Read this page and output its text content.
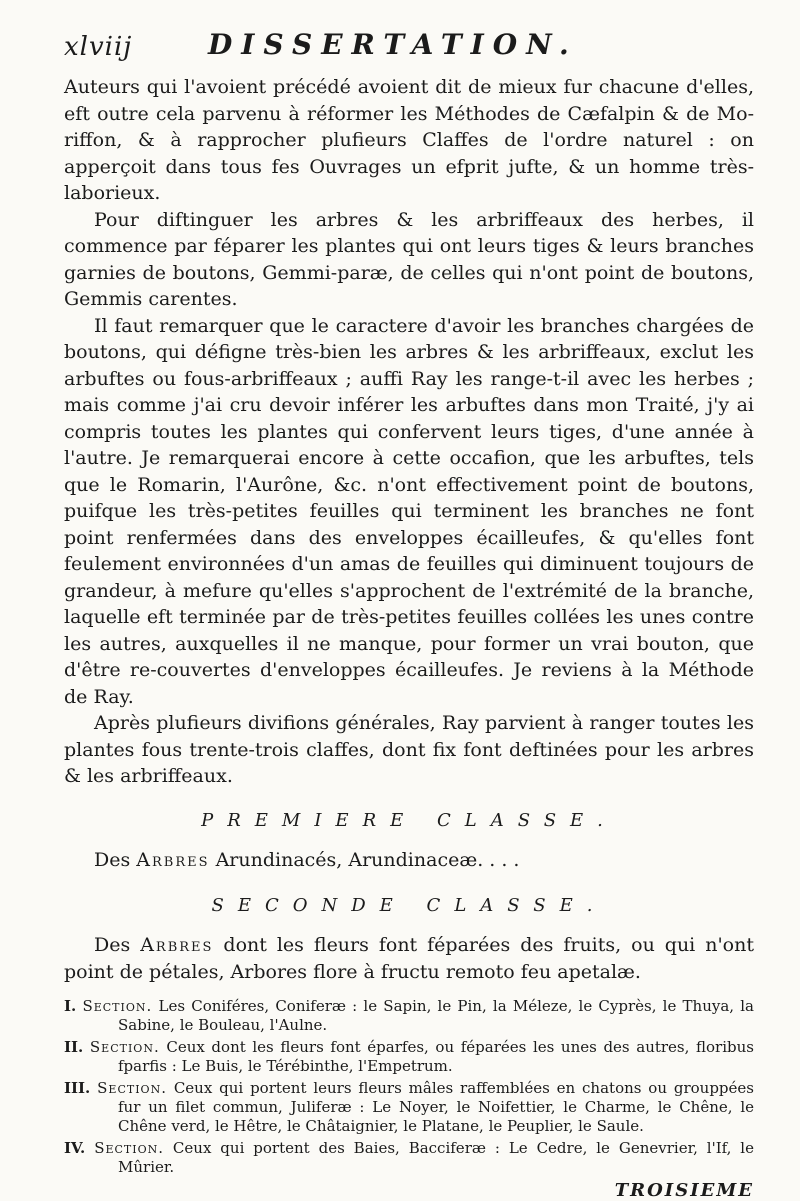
xlviij	DISSERTATION.

Auteurs qui l'avoient précédé avoient dit de mieux fur chacune d'elles, eft outre cela parvenu à réformer les Méthodes de Cæfalpin & de Mo-riffon, & à rapprocher plufieurs Claffes de l'ordre naturel : on apperçoit dans tous fes Ouvrages un efprit jufte, & un homme très-laborieux.

Pour diftinguer les arbres & les arbriffeaux des herbes, il commence par féparer les plantes qui ont leurs tiges & leurs branches garnies de boutons, Gemmi-paræ, de celles qui n'ont point de boutons, Gemmis carentes.

Il faut remarquer que le caractere d'avoir les branches chargées de boutons, qui défigne très-bien les arbres & les arbriffeaux, exclut les arbuftes ou fous-arbriffeaux ; auffi Ray les range-t-il avec les herbes ; mais comme j'ai cru devoir inférer les arbuftes dans mon Traité, j'y ai compris toutes les plantes qui confervent leurs tiges, d'une année à l'autre. Je remarquerai encore à cette occafion, que les arbuftes, tels que le Romarin, l'Aurône, &c. n'ont effectivement point de boutons, puifque les très-petites feuilles qui terminent les branches ne font point renfermées dans des enveloppes écailleufes, & qu'elles font feulement environnées d'un amas de feuilles qui diminuent toujours de grandeur, à mefure qu'elles s'approchent de l'extrémité de la branche, laquelle eft terminée par de très-petites feuilles collées les unes contre les autres, auxquelles il ne manque, pour former un vrai bouton, que d'être re-couvertes d'enveloppes écailleufes. Je reviens à la Méthode de Ray.

Après plufieurs divifions générales, Ray parvient à ranger toutes les plantes fous trente-trois claffes, dont fix font deftinées pour les arbres & les arbriffeaux.

PREMIERE CLASSE.

Des Arbres Arundinacés, Arundinaceæ. . . .

SECONDE CLASSE.

Des Arbres dont les fleurs font féparées des fruits, ou qui n'ont point de pétales, Arbores flore à fructu remoto feu apetalæ.

I. Section. Les Coniféres, Coniferæ : le Sapin, le Pin, la Méleze, le Cyprès, le Thuya, la Sabine, le Bouleau, l'Aulne.

II. Section. Ceux dont les fleurs font éparfes, ou féparées les unes des autres, floribus fparfis : Le Buis, le Térébinthe, l'Empetrum.

III. Section. Ceux qui portent leurs fleurs mâles raffemblées en chatons ou grouppées fur un filet commun, Juliferæ : Le Noyer, le Noifettier, le Charme, le Chêne, le Chêne verd, le Hêtre, le Châtaignier, le Platane, le Peuplier, le Saule.

IV. Section. Ceux qui portent des Baies, Bacciferæ : Le Cedre, le Genevrier, l'If, le Mûrier.

TROISIEME
